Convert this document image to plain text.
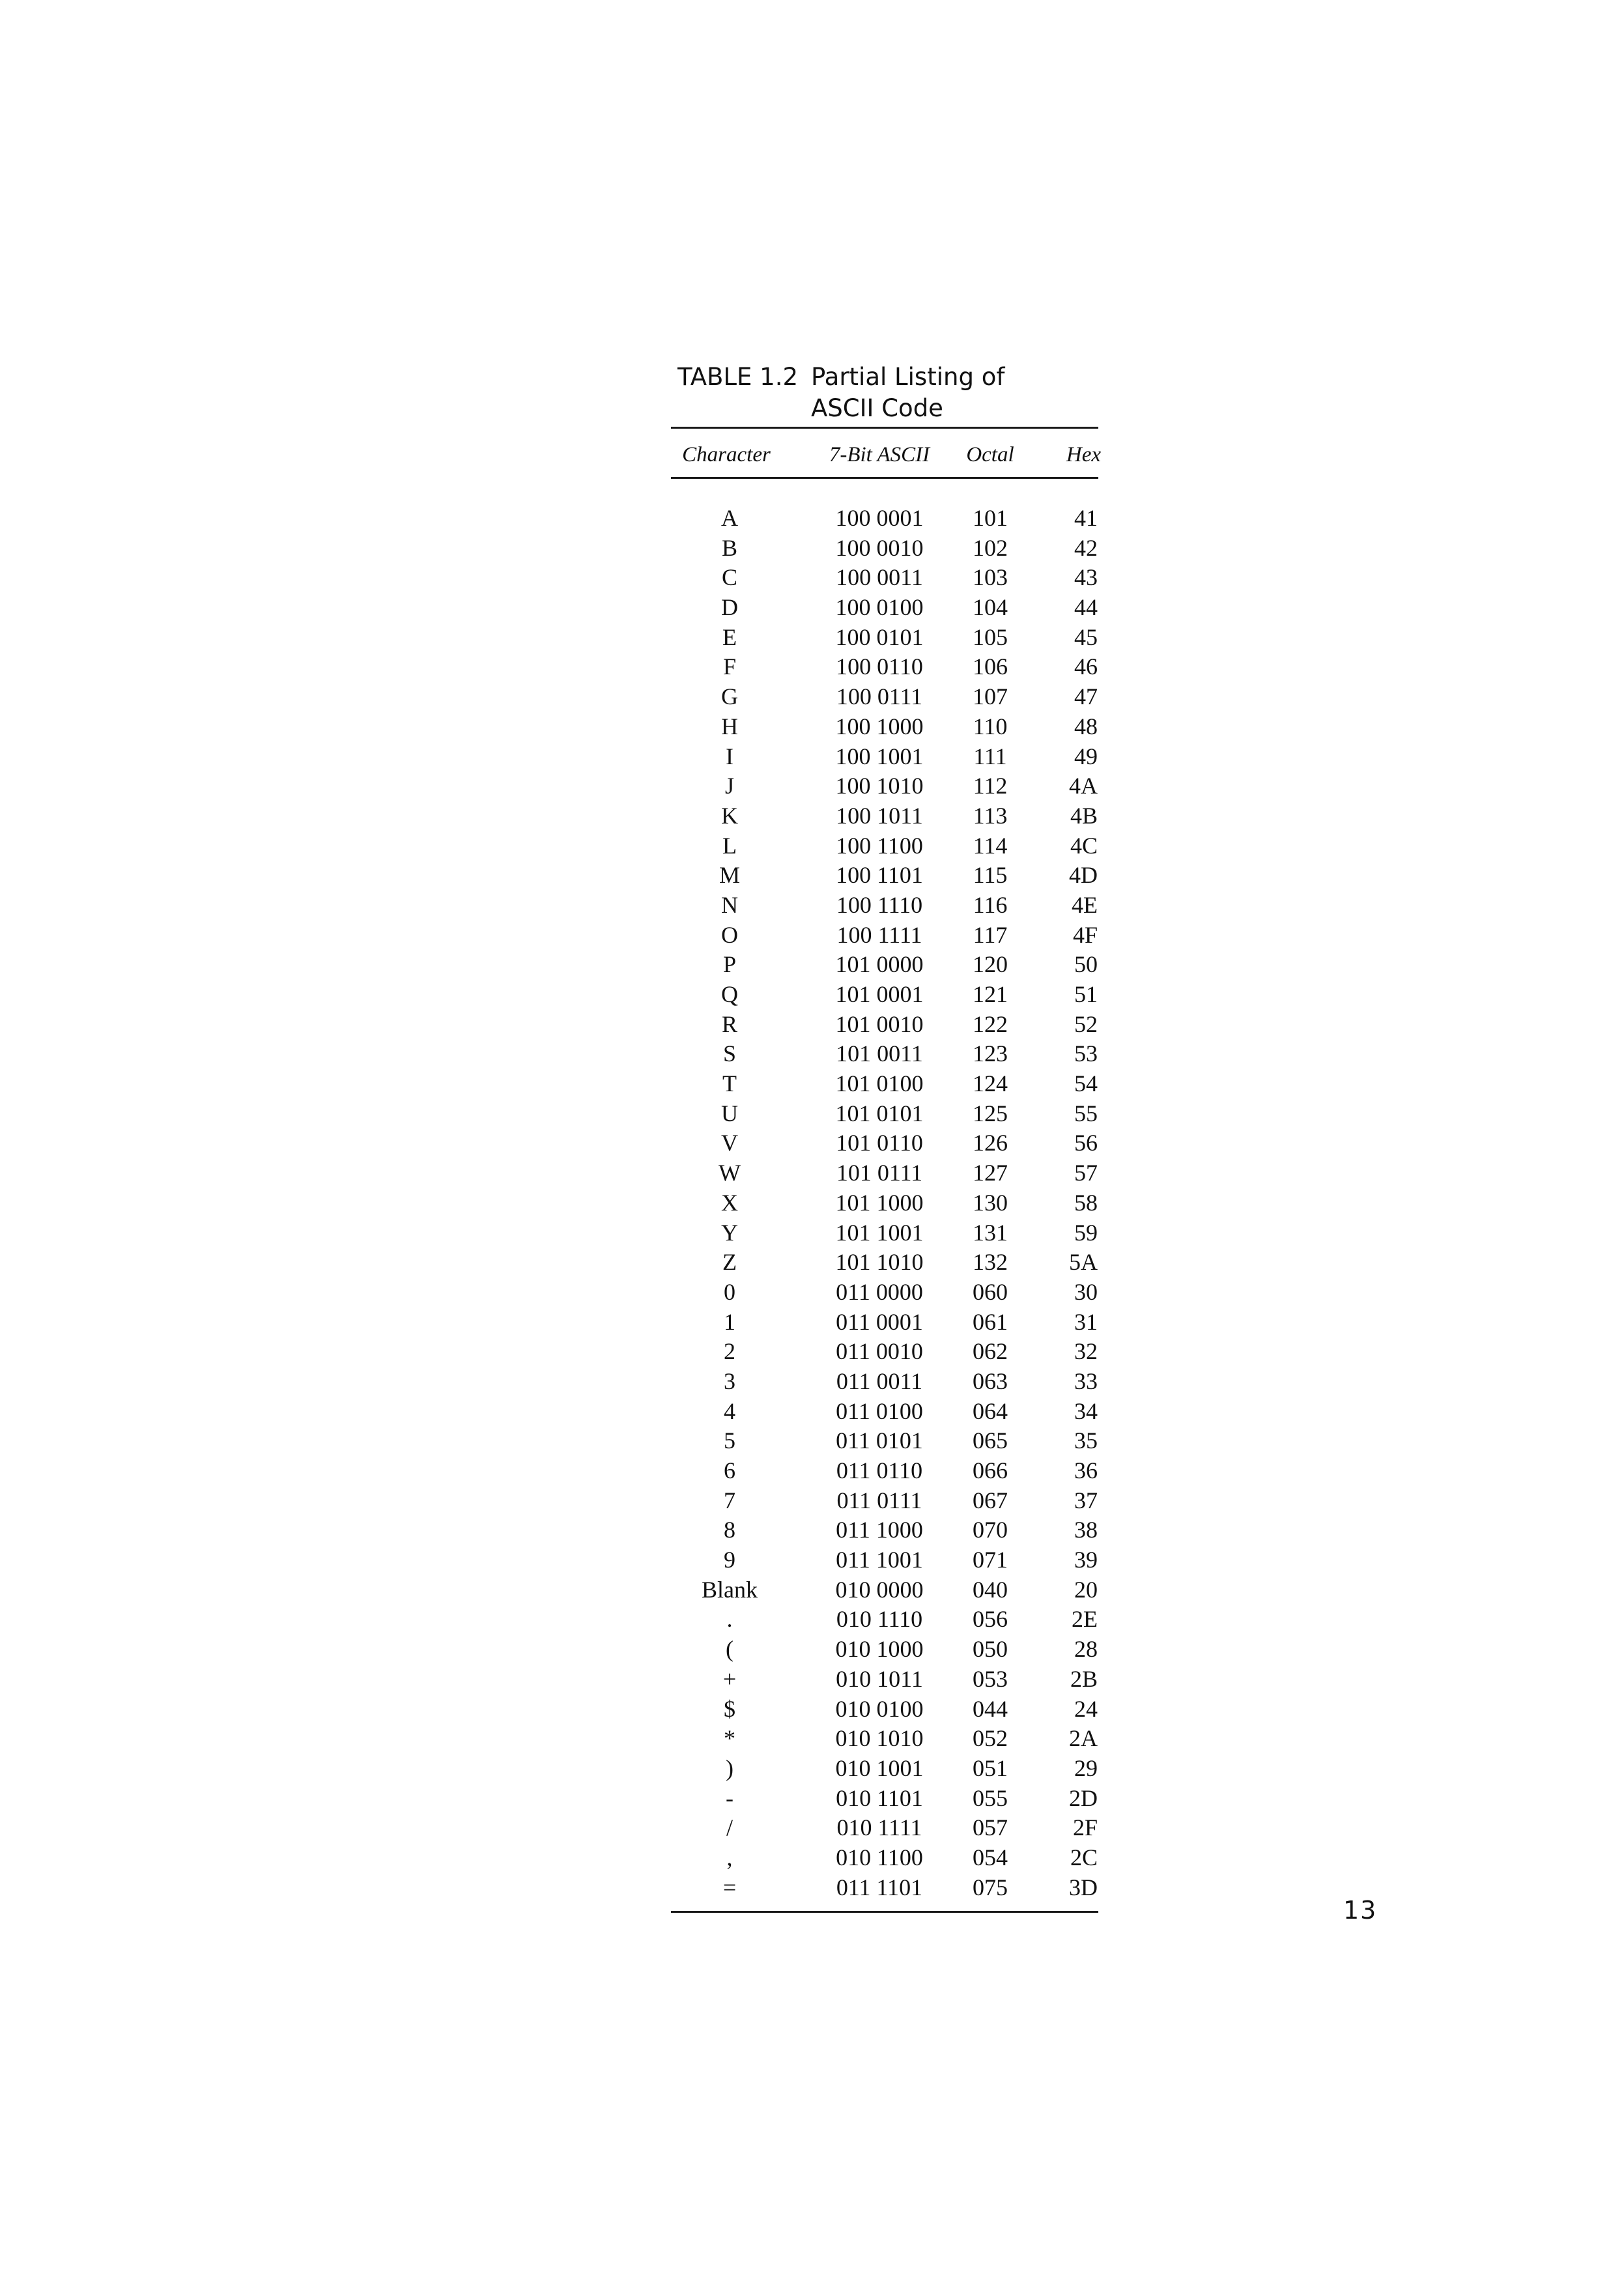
TABLE 1.2 Partial Listing of ASCII Code
Character	7-Bit ASCII	Octal	Hex
A	100 0001	101	41
B	100 0010	102	42
C	100 0011	103	43
D	100 0100	104	44
E	100 0101	105	45
F	100 0110	106	46
G	100 0111	107	47
H	100 1000	110	48
I	100 1001	111	49
J	100 1010	112	4A
K	100 1011	113	4B
L	100 1100	114	4C
M	100 1101	115	4D
N	100 1110	116	4E
O	100 1111	117	4F
P	101 0000	120	50
Q	101 0001	121	51
R	101 0010	122	52
S	101 0011	123	53
T	101 0100	124	54
U	101 0101	125	55
V	101 0110	126	56
W	101 0111	127	57
X	101 1000	130	58
Y	101 1001	131	59
Z	101 1010	132	5A
0	011 0000	060	30
1	011 0001	061	31
2	011 0010	062	32
3	011 0011	063	33
4	011 0100	064	34
5	011 0101	065	35
6	011 0110	066	36
7	011 0111	067	37
8	011 1000	070	38
9	011 1001	071	39
Blank	010 0000	040	20
.	010 1110	056	2E
(	010 1000	050	28
+	010 1011	053	2B
$	010 0100	044	24
*	010 1010	052	2A
)	010 1001	051	29
-	010 1101	055	2D
/	010 1111	057	2F
,	010 1100	054	2C
=	011 1101	075	3D
13
